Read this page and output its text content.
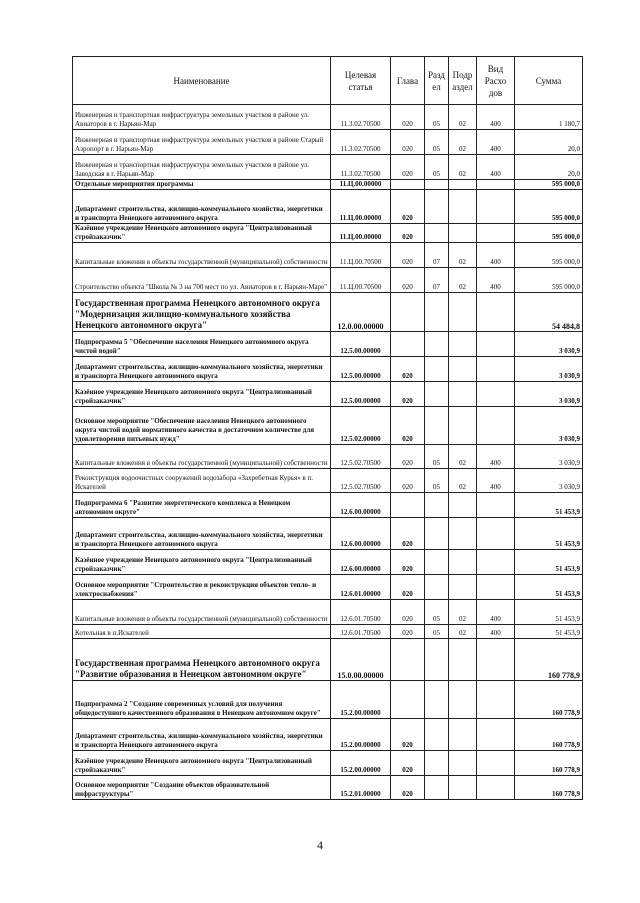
Наименование	Целевая статья	Глава	Разд ел	Подр аздел	Вид Расхо дов	Сумма
Инженерная и транспортная инфраструктура земельных участков в районе ул. Авиаторов в г. Нарьян-Мар	11.3.02.70500	020	05	02	400	1 180,7
Инженерная и транспортная инфраструктура земельных участков в районе Старый Аэропорт в г. Нарьян-Мар	11.3.02.70500	020	05	02	400	20,0
Инженерная и транспортная инфраструктура земельных участков в районе ул. Заводская в г. Нарьян-Мар	11.3.02.70500	020	05	02	400	20,0
Отдельные мероприятия программы	11.Ц.00.00000					595 000,0
Департамент строительства, жилищно-коммунального хозяйства, энергетики и транспорта Ненецкого автономного округа	11.Ц.00.00000	020				595 000,0
Казённое учреждение Ненецкого автономного округа "Централизованный стройзаказчик"	11.Ц.00.00000	020				595 000,0
Капитальные вложения в объекты государственной (муниципальной) собственности	11.Ц.00.70500	020	07	02	400	595 000,0
Строительство объекта "Школа № 3 на 700 мест по ул. Авиаторов в г. Нарьян-Маре"	11.Ц.00.70500	020	07	02	400	595 000,0
Государственная программа Ненецкого автономного округа "Модернизация жилищно-коммунального хозяйства Ненецкого автономного округа"	12.0.00.00000					54 484,8
Подпрограмма 5 "Обеспечение населения Ненецкого автономного округа чистой водой"	12.5.00.00000					3 030,9
Департамент строительства, жилищно-коммунального хозяйства, энергетики и транспорта Ненецкого автономного округа	12.5.00.00000	020				3 030,9
Казённое учреждение Ненецкого автономного округа "Централизованный стройзаказчик"	12.5.00.00000	020				3 030,9
Основное мероприятие "Обеспечение населения Ненецкого автономного округа чистой водой нормативного качества в достаточном количестве для удовлетворения питьевых нужд"	12.5.02.00000	020				3 030,9
Капитальные вложения в объекты государственной (муниципальной) собственности	12.5.02.70500	020	05	02	400	3 030,9
Реконструкция водоочистных сооружений водозабора «Захребетная Курья» в п. Искателей	12.5.02.70500	020	05	02	400	3 030,9
Подпрограмма 6 "Развитие энергетического комплекса в Ненецком автономном округе"	12.6.00.00000					51 453,9
Департамент строительства, жилищно-коммунального хозяйства, энергетики и транспорта Ненецкого автономного округа	12.6.00.00000	020				51 453,9
Казённое учреждение Ненецкого автономного округа "Централизованный стройзаказчик"	12.6.00.00000	020				51 453,9
Основное мероприятие "Строительство и реконструкция объектов тепло- и электроснабжения"	12.6.01.00000	020				51 453,9
Капитальные вложения в объекты государственной (муниципальной) собственности	12.6.01.70500	020	05	02	400	51 453,9
Котельная в п.Искателей	12.6.01.70500	020	05	02	400	51 453,9
Государственная программа Ненецкого автономного округа "Развитие образования в Ненецком автономном округе"	15.0.00.00000					160 778,9
Подпрограмма 2 "Создание современных условий для получения общедоступного качественного образования в Ненецком автономном округе"	15.2.00.00000					160 778,9
Департамент строительства, жилищно-коммунального хозяйства, энергетики и транспорта Ненецкого автономного округа	15.2.00.00000	020				160 778,9
Казённое учреждение Ненецкого автономного округа "Централизованный стройзаказчик"	15.2.00.00000	020				160 778,9
Основное мероприятие "Создание объектов образовательной инфраструктуры"	15.2.01.00000	020				160 778,9
4
